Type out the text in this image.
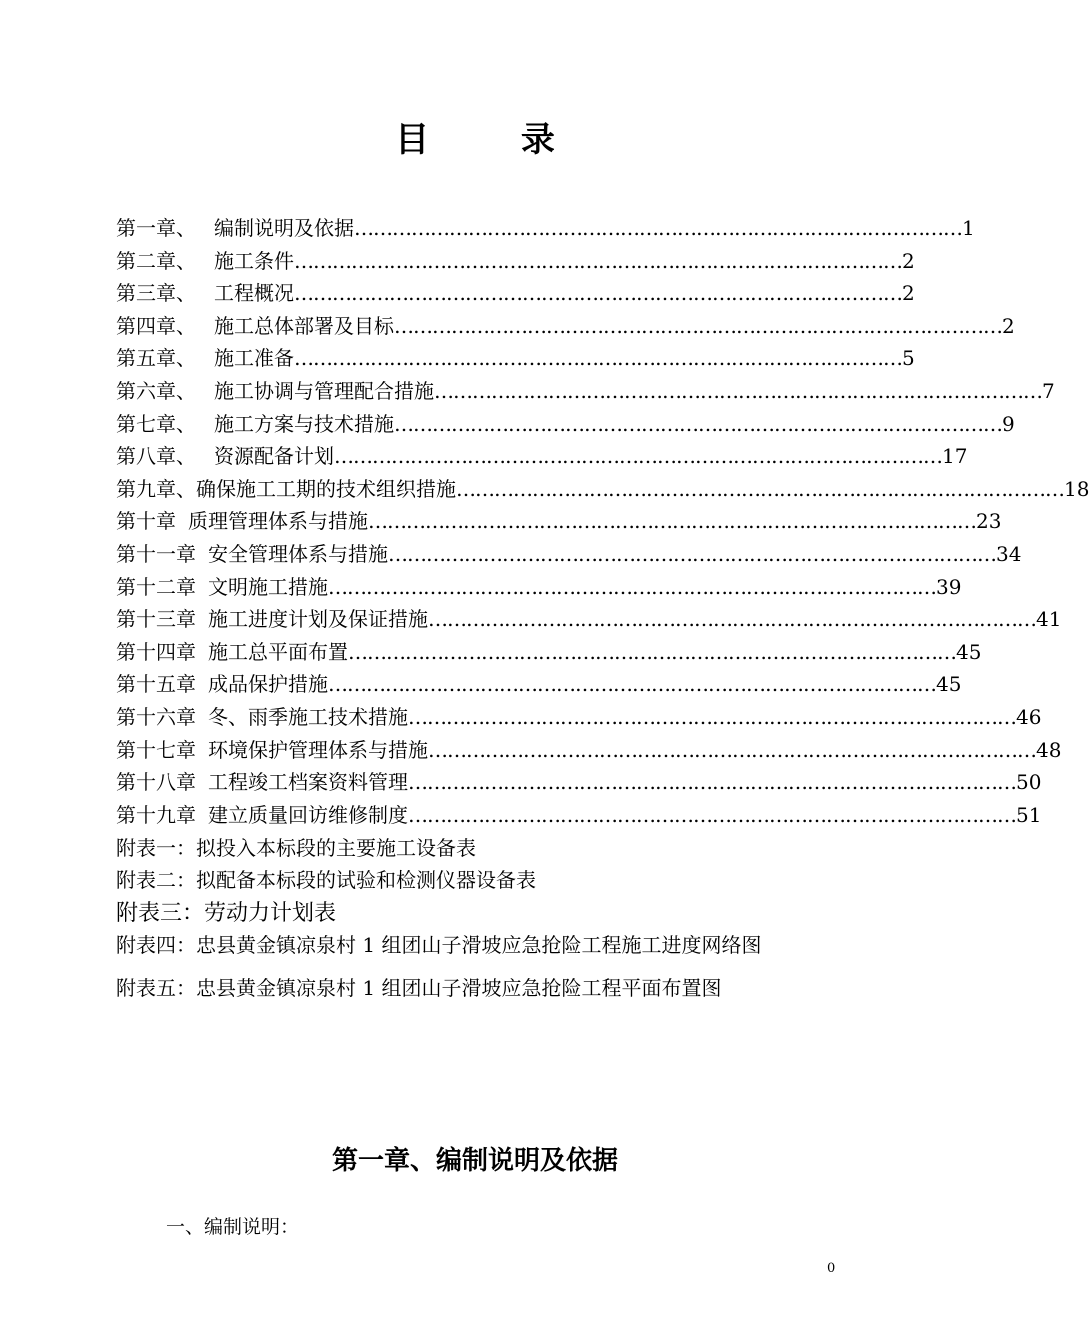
目 录
第一章、 编制说明及依据 …………………………………………………………………………………… 1
第二章、 施工条件 …………………………………………………………………………………… 2
第三章、 工程概况 …………………………………………………………………………………… 2
第四章、 施工总体部署及目标 …………………………………………………………………………………… 2
第五章、 施工准备 …………………………………………………………………………………… 5
第六章、 施工协调与管理配合措施 …………………………………………………………………………………… 7
第七章、 施工方案与技术措施 …………………………………………………………………………………… 9
第八章、 资源配备计划 …………………………………………………………………………………… 17
第九章、 确保施工工期的技术组织措施 …………………………………………………………………………………… 18
第十章 质理管理体系与措施 …………………………………………………………………………………… 23
第十一章 安全管理体系与措施 …………………………………………………………………………………… 34
第十二章 文明施工措施 …………………………………………………………………………………… 39
第十三章 施工进度计划及保证措施 …………………………………………………………………………………… 41
第十四章 施工总平面布置 …………………………………………………………………………………… 45
第十五章 成品保护措施 …………………………………………………………………………………… 45
第十六章 冬、雨季施工技术措施 …………………………………………………………………………………… 46
第十七章 环境保护管理体系与措施 …………………………………………………………………………………… 48
第十八章 工程竣工档案资料管理 …………………………………………………………………………………… 50
第十九章 建立质量回访维修制度 …………………………………………………………………………………… 51
附表一：拟投入本标段的主要施工设备表
附表二：拟配备本标段的试验和检测仪器设备表
附表三：劳动力计划表
附表四：忠县黄金镇凉泉村 1 组团山子滑坡应急抢险工程施工进度网络图
附表五：忠县黄金镇凉泉村 1 组团山子滑坡应急抢险工程平面布置图
第一章、编制说明及依据
一、编制说明：
0
